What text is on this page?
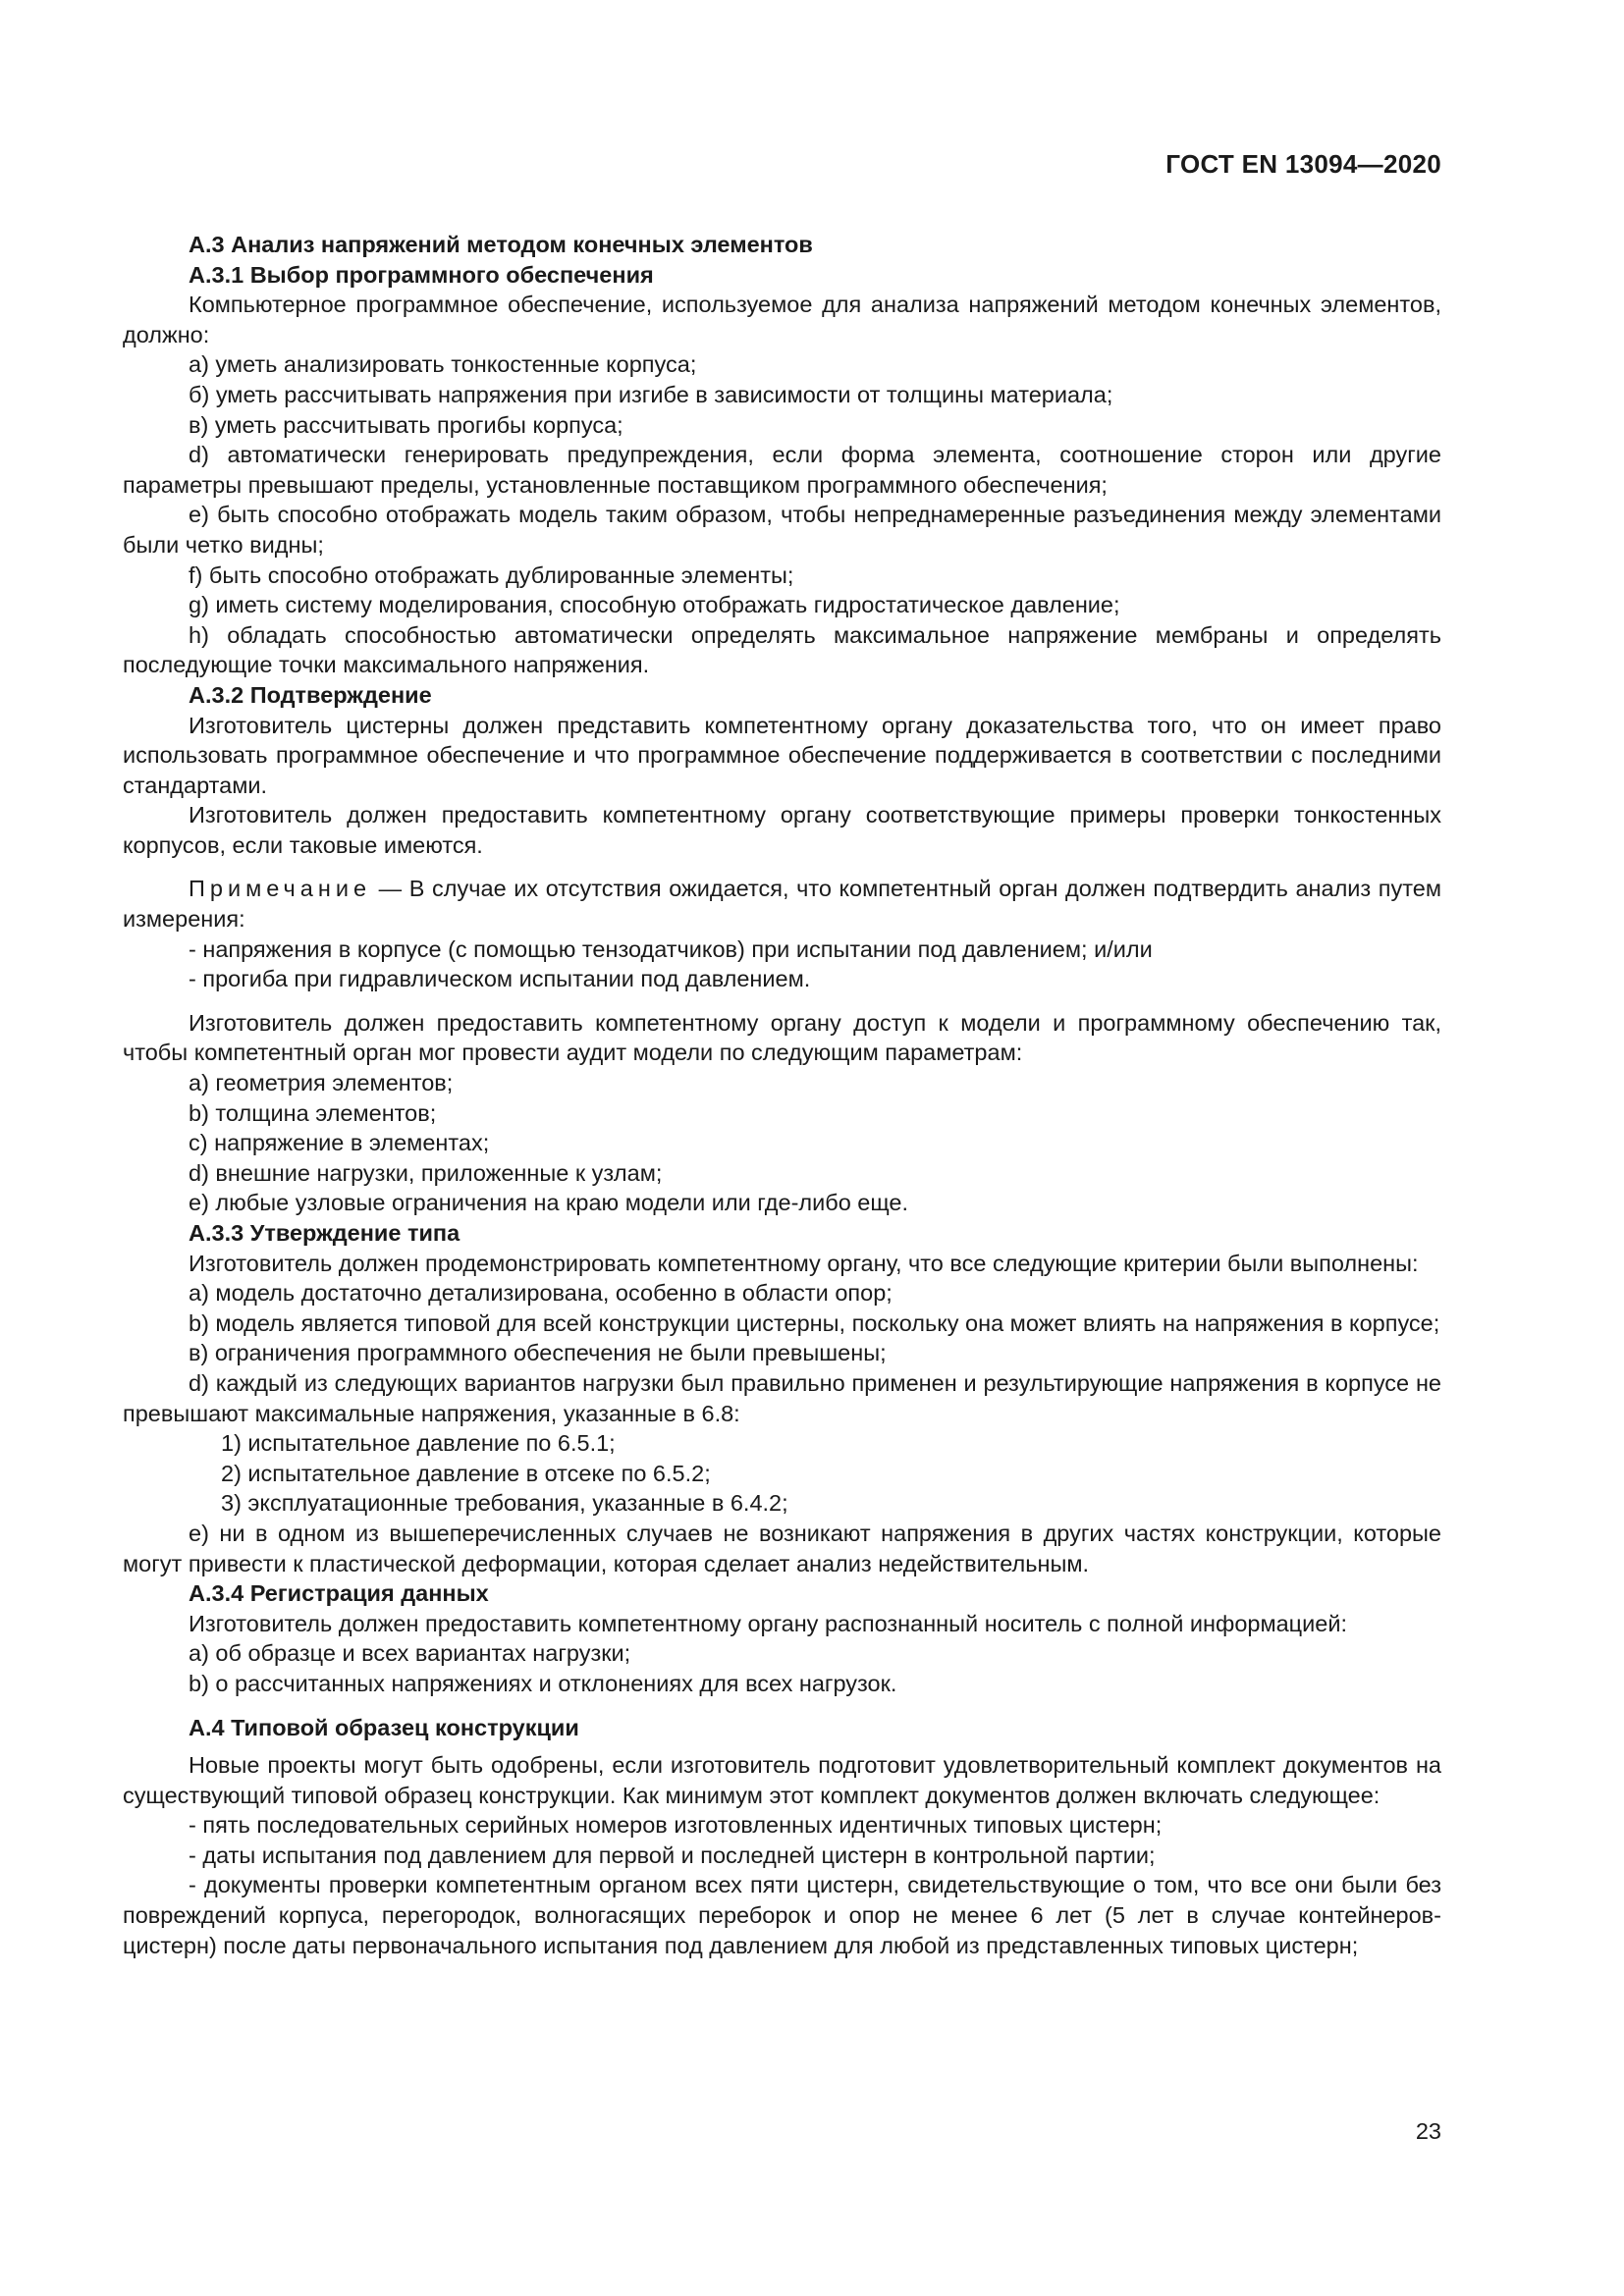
ГОСТ EN 13094—2020

А.3 Анализ напряжений методом конечных элементов

А.3.1 Выбор программного обеспечения

Компьютерное программное обеспечение, используемое для анализа напряжений методом конечных элементов, должно:

а) уметь анализировать тонкостенные корпуса;

б) уметь рассчитывать напряжения при изгибе в зависимости от толщины материала;

в) уметь рассчитывать прогибы корпуса;

d) автоматически генерировать предупреждения, если форма элемента, соотношение сторон или другие параметры превышают пределы, установленные поставщиком программного обеспечения;

е) быть способно отображать модель таким образом, чтобы непреднамеренные разъединения между элементами были четко видны;

f) быть способно отображать дублированные элементы;

g) иметь систему моделирования, способную отображать гидростатическое давление;

h) обладать способностью автоматически определять максимальное напряжение мембраны и определять последующие точки максимального напряжения.

А.3.2 Подтверждение

Изготовитель цистерны должен представить компетентному органу доказательства того, что он имеет право использовать программное обеспечение и что программное обеспечение поддерживается в соответствии с последними стандартами.

Изготовитель должен предоставить компетентному органу соответствующие примеры проверки тонкостенных корпусов, если таковые имеются.

Примечание — В случае их отсутствия ожидается, что компетентный орган должен подтвердить анализ путем измерения:

- напряжения в корпусе (с помощью тензодатчиков) при испытании под давлением; и/или

- прогиба при гидравлическом испытании под давлением.

Изготовитель должен предоставить компетентному органу доступ к модели и программному обеспечению так, чтобы компетентный орган мог провести аудит модели по следующим параметрам:

а) геометрия элементов;

b) толщина элементов;

с) напряжение в элементах;

d) внешние нагрузки, приложенные к узлам;

е) любые узловые ограничения на краю модели или где-либо еще.

А.3.3 Утверждение типа

Изготовитель должен продемонстрировать компетентному органу, что все следующие критерии были выполнены:

а) модель достаточно детализирована, особенно в области опор;

b) модель является типовой для всей конструкции цистерны, поскольку она может влиять на напряжения в корпусе;

в) ограничения программного обеспечения не были превышены;

d) каждый из следующих вариантов нагрузки был правильно применен и результирующие напряжения в корпусе не превышают максимальные напряжения, указанные в 6.8:

1) испытательное давление по 6.5.1;

2) испытательное давление в отсеке по 6.5.2;

3) эксплуатационные требования, указанные в 6.4.2;

е) ни в одном из вышеперечисленных случаев не возникают напряжения в других частях конструкции, которые могут привести к пластической деформации, которая сделает анализ недействительным.

А.3.4 Регистрация данных

Изготовитель должен предоставить компетентному органу распознанный носитель с полной информацией:

а) об образце и всех вариантах нагрузки;

b) о рассчитанных напряжениях и отклонениях для всех нагрузок.

А.4 Типовой образец конструкции

Новые проекты могут быть одобрены, если изготовитель подготовит удовлетворительный комплект документов на существующий типовой образец конструкции. Как минимум этот комплект документов должен включать следующее:

- пять последовательных серийных номеров изготовленных идентичных типовых цистерн;

- даты испытания под давлением для первой и последней цистерн в контрольной партии;

- документы проверки компетентным органом всех пяти цистерн, свидетельствующие о том, что все они были без повреждений корпуса, перегородок, волногасящих переборок и опор не менее 6 лет (5 лет в случае контейнеров-цистерн) после даты первоначального испытания под давлением для любой из представленных типовых цистерн;

23
